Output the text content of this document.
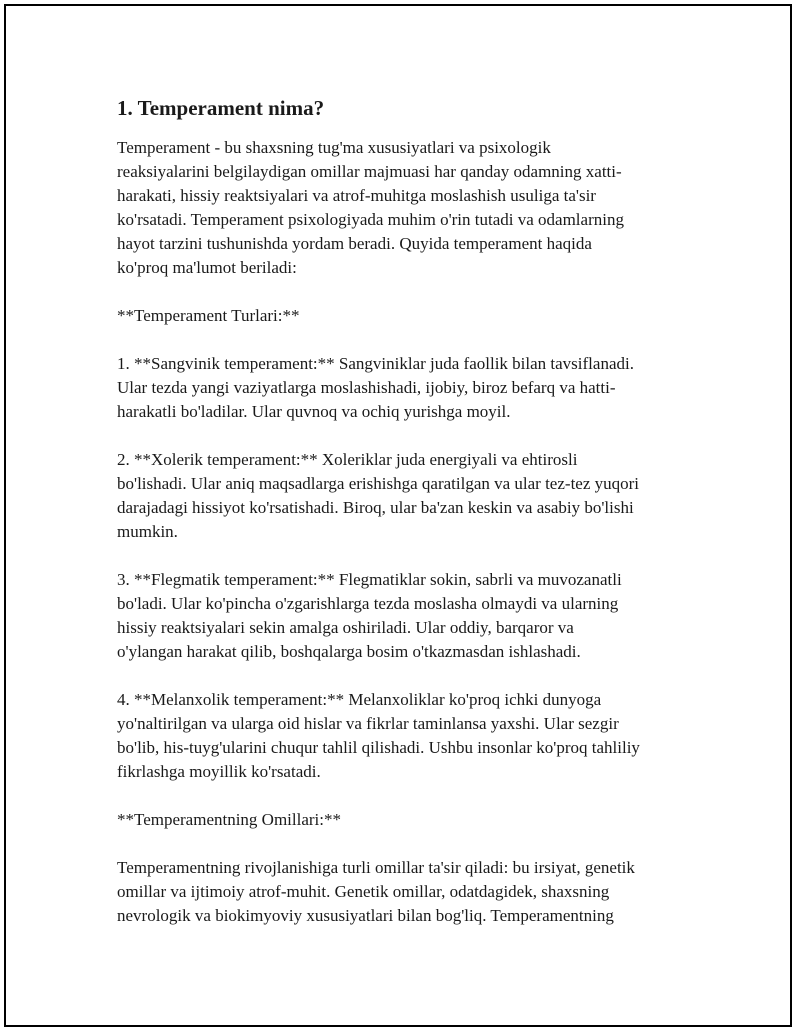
1. Temperament nima?

Temperament - bu shaxsning tug'ma xususiyatlari va psixologik
reaksiyalarini belgilaydigan omillar majmuasi har qanday odamning xatti-
harakati, hissiy reaktsiyalari va atrof-muhitga moslashish usuliga ta'sir
ko'rsatadi. Temperament psixologiyada muhim o'rin tutadi va odamlarning
hayot tarzini tushunishda yordam beradi. Quyida temperament haqida
ko'proq ma'lumot beriladi:

**Temperament Turlari:**

1. **Sangvinik temperament:** Sangviniklar juda faollik bilan tavsiflanadi.
Ular tezda yangi vaziyatlarga moslashishadi, ijobiy, biroz befarq va hatti-
harakatli bo'ladilar. Ular quvnoq va ochiq yurishga moyil.

2. **Xolerik temperament:** Xoleriklar juda energiyali va ehtirosli
bo'lishadi. Ular aniq maqsadlarga erishishga qaratilgan va ular tez-tez yuqori
darajadagi hissiyot ko'rsatishadi. Biroq, ular ba'zan keskin va asabiy bo'lishi
mumkin.

3. **Flegmatik temperament:** Flegmatiklar sokin, sabrli va muvozanatli
bo'ladi. Ular ko'pincha o'zgarishlarga tezda moslasha olmaydi va ularning
hissiy reaktsiyalari sekin amalga oshiriladi. Ular oddiy, barqaror va
o'ylangan harakat qilib, boshqalarga bosim o'tkazmasdan ishlashadi.

4. **Melanxolik temperament:** Melanxoliklar ko'proq ichki dunyoga
yo'naltirilgan va ularga oid hislar va fikrlar taminlansa yaxshi. Ular sezgir
bo'lib, his-tuyg'ularini chuqur tahlil qilishadi. Ushbu insonlar ko'proq tahliliy
fikrlashga moyillik ko'rsatadi.

**Temperamentning Omillari:**

Temperamentning rivojlanishiga turli omillar ta'sir qiladi: bu irsiyat, genetik
omillar va ijtimoiy atrof-muhit. Genetik omillar, odatdagidek, shaxsning
nevrologik va biokimyoviy xususiyatlari bilan bog'liq. Temperamentning
